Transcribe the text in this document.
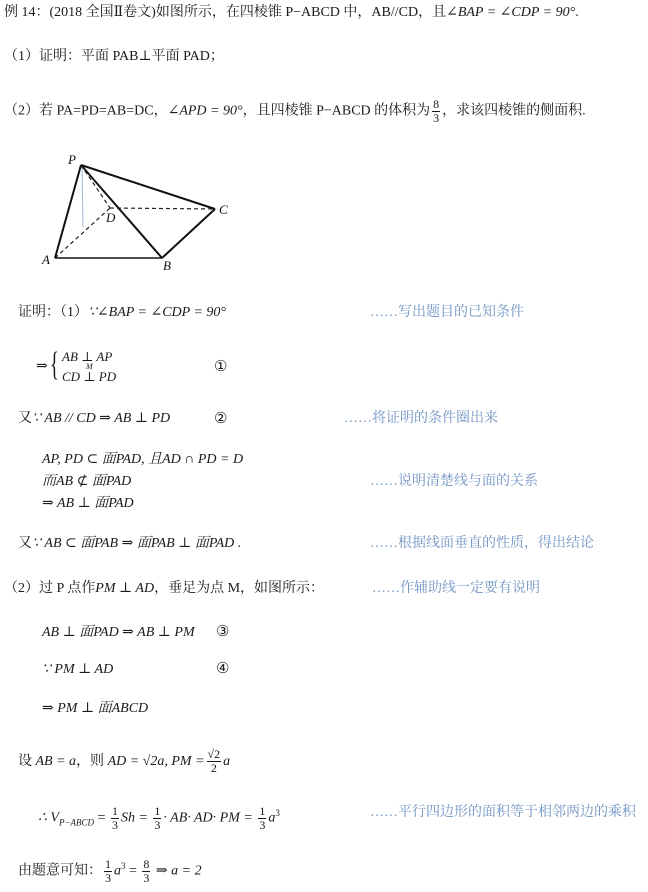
例 14：(2018 全国Ⅱ卷文)如图所示，在四棱锥 P−ABCD 中，AB//CD，且∠BAP = ∠CDP = 90°.
（1）证明：平面 PAB⊥平面 PAD；
（2）若 PA=PD=AB=DC，∠APD = 90°，且四棱锥 P−ABCD 的体积为 $\frac{8}{3}$ ，求该四棱锥的侧面积.
P
D
C
A	B
证明：（1）∵∠BAP = ∠CDP = 90°	……写出题目的已知条件
⇒ { AB ⊥ AP
M
CD ⊥ PD
①
又∵ AB // CD ⇒ AB ⊥ PD	②	……将证明的条件圈出来
AP, PD ⊂ 面PAD, 且AD ∩ PD = D
而AB ⊄ 面PAD	……说明清楚线与面的关系
⇒ AB ⊥ 面PAD
又∵ AB ⊂ 面PAB ⇒ 面PAB ⊥ 面PAD .	……根据线面垂直的性质，得出结论
（2）过 P 点作PM ⊥ AD，垂足为点 M，如图所示：	……作辅助线一定要有说明
AB ⊥ 面PAD ⇒ AB ⊥ PM ③
∵ PM ⊥ AD	④
⇒ PM ⊥ 面ABCD
设 AB = a，则 AD = √2a, PM = $\frac{√2}{2}$ a
∴ $V_{P-ABCD} = \frac{1}{3}$ $Sh = \frac{1}{3} \cdot AB\cdot AD\cdot$ PM = $\frac{1}{3} a^3$	……平行四边形的面积等于相邻两边的乘积
由题意可知： $\frac{1}{3} a^3 = \frac{8}{3}$ ⇒ a = 2
